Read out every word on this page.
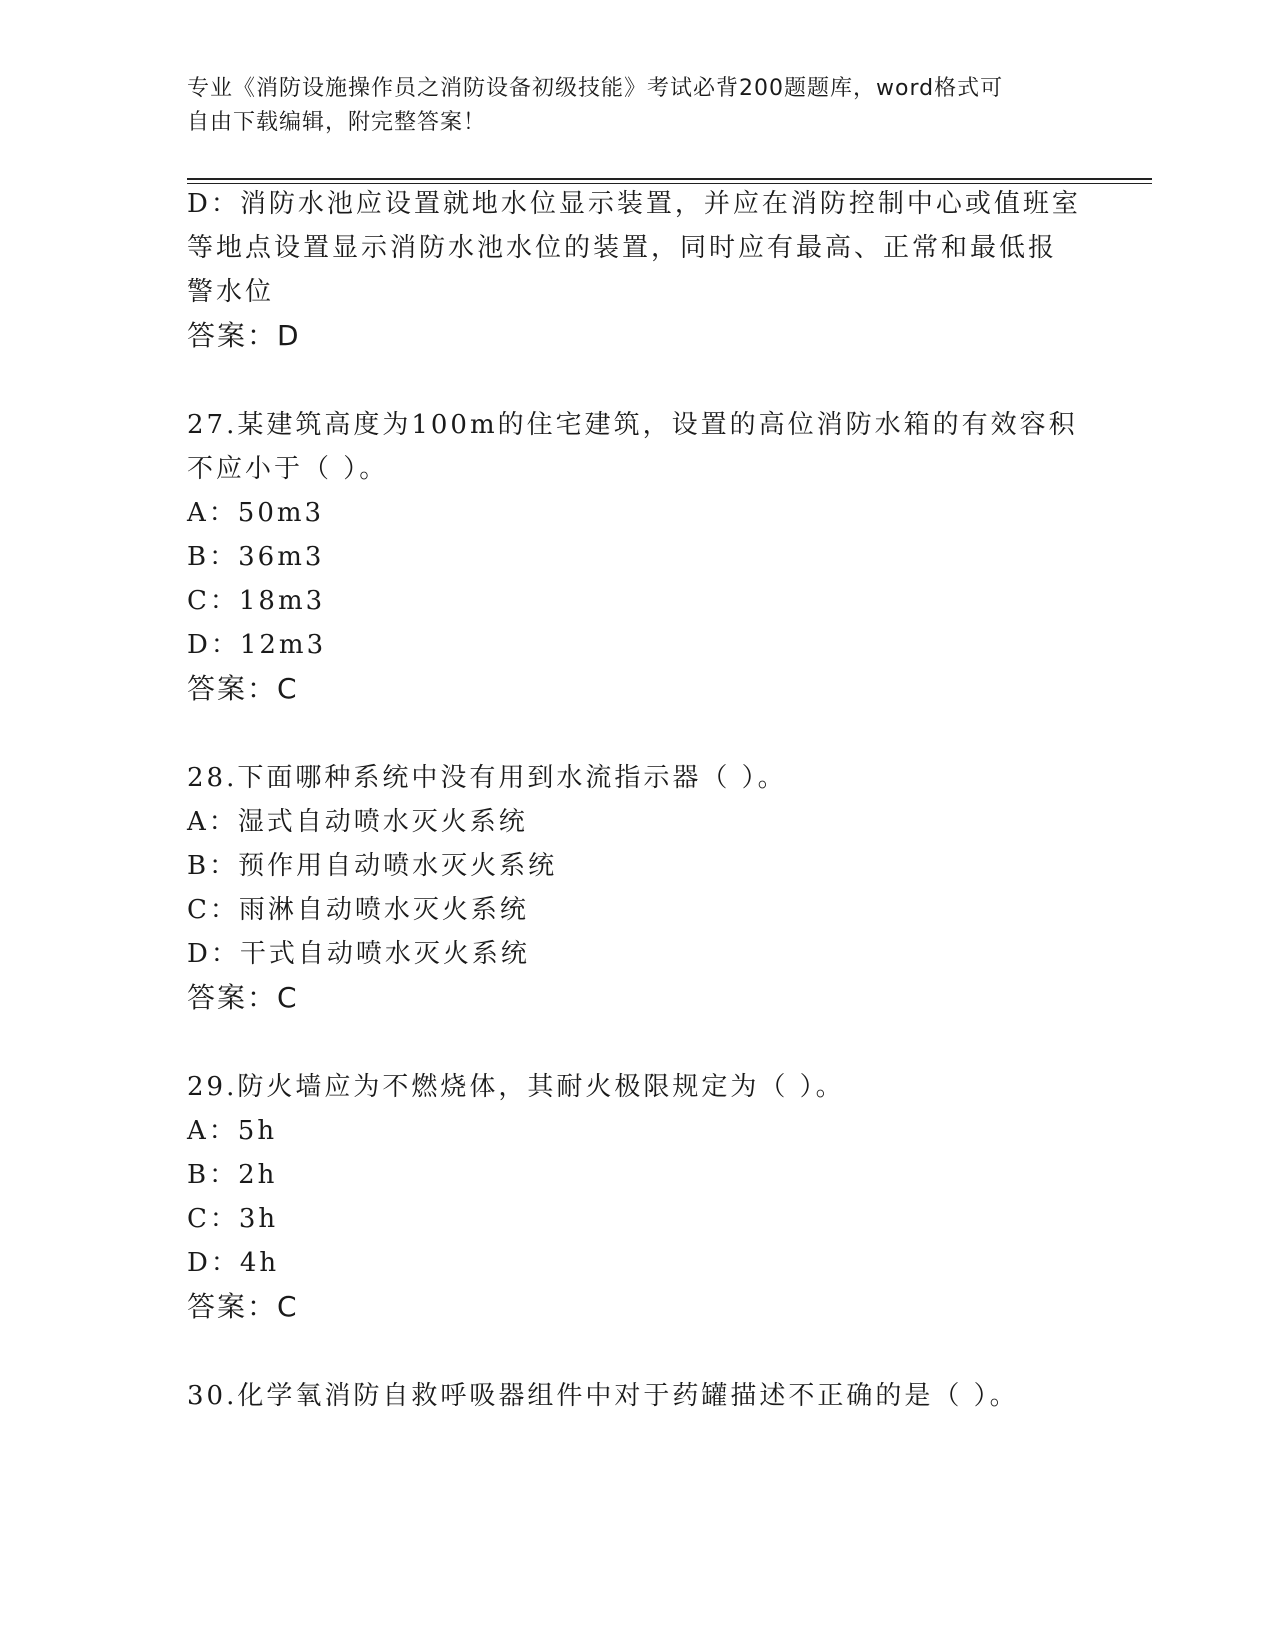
专业《消防设施操作员之消防设备初级技能》考试必背200题题库，word格式可
自由下载编辑，附完整答案！
D：消防水池应设置就地水位显示装置，并应在消防控制中心或值班室
等地点设置显示消防水池水位的装置，同时应有最高、正常和最低报
警水位
答案：D
27.某建筑高度为100m的住宅建筑，设置的高位消防水箱的有效容积
不应小于（ ）。
A：50m3
B：36m3
C：18m3
D：12m3
答案：C
28.下面哪种系统中没有用到水流指示器（ ）。
A：湿式自动喷水灭火系统
B：预作用自动喷水灭火系统
C：雨淋自动喷水灭火系统
D：干式自动喷水灭火系统
答案：C
29.防火墙应为不燃烧体，其耐火极限规定为（ ）。
A：5h
B：2h
C：3h
D：4h
答案：C
30.化学氧消防自救呼吸器组件中对于药罐描述不正确的是（ ）。
